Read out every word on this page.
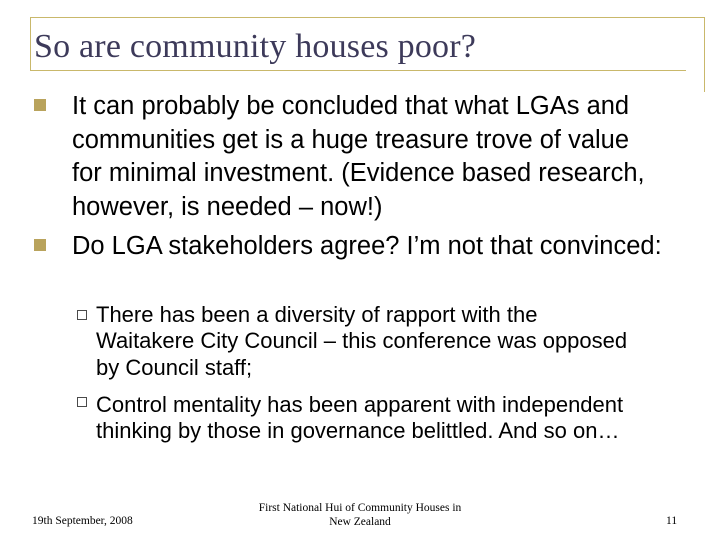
So are community houses poor?
It can probably be concluded that what LGAs and communities get is a huge treasure trove of value for minimal investment. (Evidence based research, however, is needed – now!)
Do LGA stakeholders agree? I’m not that convinced:
There has been a diversity of rapport with the Waitakere City Council – this conference was opposed by Council staff;
Control mentality has been apparent with independent thinking by those in governance belittled. And so on…
19th September, 2008
First National Hui of Community Houses in
New Zealand	11
